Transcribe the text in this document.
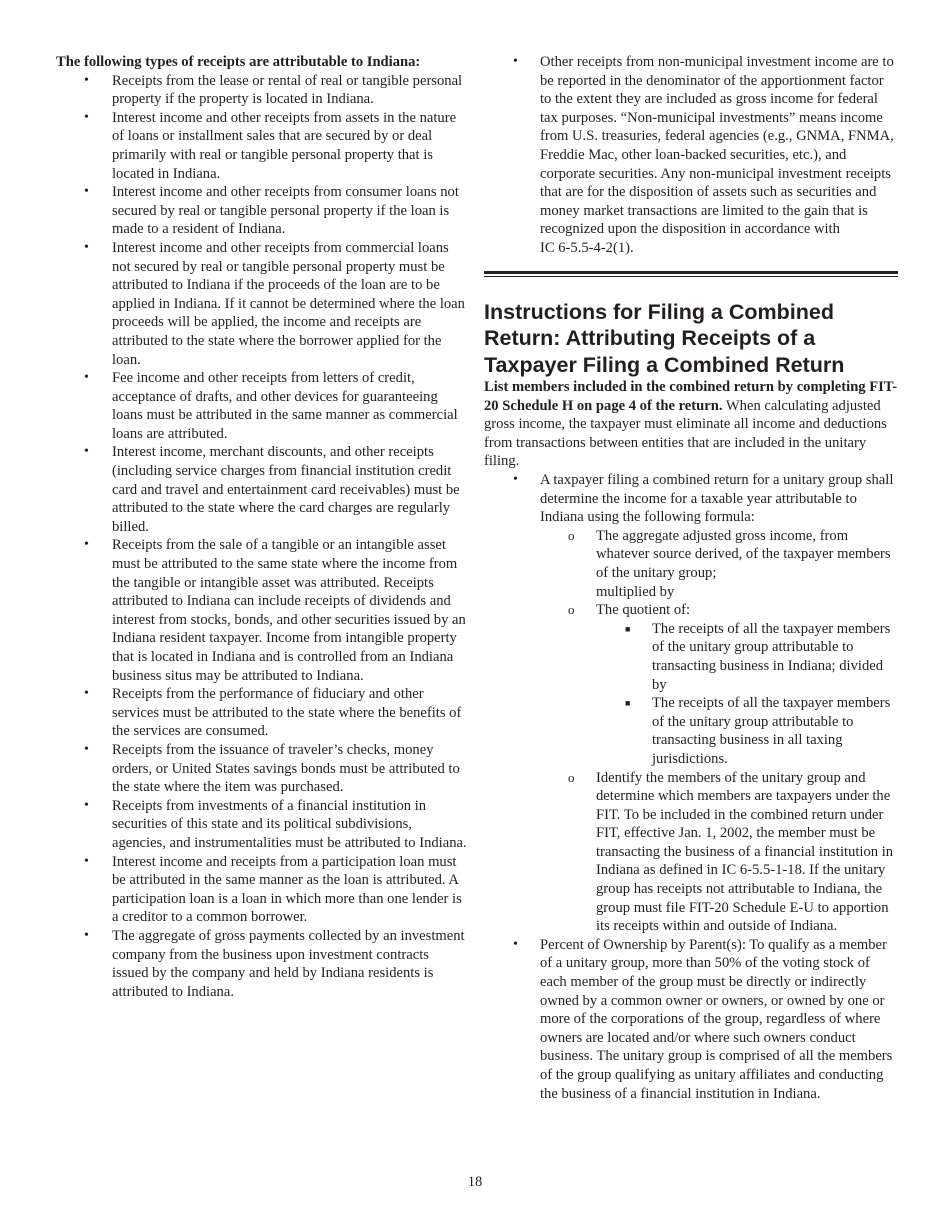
The following types of receipts are attributable to Indiana:

• Receipts from the lease or rental of real or tangible personal property if the property is located in Indiana.
• Interest income and other receipts from assets in the nature of loans or installment sales that are secured by or deal primarily with real or tangible personal property that is located in Indiana.
• Interest income and other receipts from consumer loans not secured by real or tangible personal property if the loan is made to a resident of Indiana.
• Interest income and other receipts from commercial loans not secured by real or tangible personal property must be attributed to Indiana if the proceeds of the loan are to be applied in Indiana. If it cannot be determined where the loan proceeds will be applied, the income and receipts are attributed to the state where the borrower applied for the loan.
• Fee income and other receipts from letters of credit, acceptance of drafts, and other devices for guaranteeing loans must be attributed in the same manner as commercial loans are attributed.
• Interest income, merchant discounts, and other receipts (including service charges from financial institution credit card and travel and entertainment card receivables) must be attributed to the state where the card charges are regularly billed.
• Receipts from the sale of a tangible or an intangible asset must be attributed to the same state where the income from the tangible or intangible asset was attributed. Receipts attributed to Indiana can include receipts of dividends and interest from stocks, bonds, and other securities issued by an Indiana resident taxpayer. Income from intangible property that is located in Indiana and is controlled from an Indiana business situs may be attributed to Indiana.
• Receipts from the performance of fiduciary and other services must be attributed to the state where the benefits of the services are consumed.
• Receipts from the issuance of traveler’s checks, money orders, or United States savings bonds must be attributed to the state where the item was purchased.
• Receipts from investments of a financial institution in securities of this state and its political subdivisions, agencies, and instrumentalities must be attributed to Indiana.
• Interest income and receipts from a participation loan must be attributed in the same manner as the loan is attributed. A participation loan is a loan in which more than one lender is a creditor to a common borrower.
• The aggregate of gross payments collected by an investment company from the business upon investment contracts issued by the company and held by Indiana residents is attributed to Indiana.
• Other receipts from non-municipal investment income are to be reported in the denominator of the apportionment factor to the extent they are included as gross income for federal tax purposes. “Non-municipal investments” means income from U.S. treasuries, federal agencies (e.g., GNMA, FNMA, Freddie Mac, other loan-backed securities, etc.), and corporate securities. Any non-municipal investment receipts that are for the disposition of assets such as securities and money market transactions are limited to the gain that is recognized upon the disposition in accordance with
IC 6-5.5-4-2(1).
Instructions for Filing a Combined Return: Attributing Receipts of a Taxpayer Filing a Combined Return

List members included in the combined return by completing FIT-20 Schedule H on page 4 of the return. When calculating adjusted gross income, the taxpayer must eliminate all income and deductions from transactions between entities that are included in the unitary filing.

• A taxpayer filing a combined return for a unitary group shall determine the income for a taxable year attributable to Indiana using the following formula:
o The aggregate adjusted gross income, from whatever source derived, of the taxpayer members of the unitary group;
multiplied by
o The quotient of:
■ The receipts of all the taxpayer members of the unitary group attributable to transacting business in Indiana; divided by
■ The receipts of all the taxpayer members of the unitary group attributable to transacting business in all taxing jurisdictions.
o Identify the members of the unitary group and determine which members are taxpayers under the FIT. To be included in the combined return under FIT, effective Jan. 1, 2002, the member must be transacting the business of a financial institution in Indiana as defined in IC 6-5.5-1-18. If the unitary group has receipts not attributable to Indiana, the group must file FIT-20 Schedule E-U to apportion its receipts within and outside of Indiana.
• Percent of Ownership by Parent(s): To qualify as a member of a unitary group, more than 50% of the voting stock of each member of the group must be directly or indirectly owned by a common owner or owners, or owned by one or more of the corporations of the group, regardless of where owners are located and/or where such owners conduct business. The unitary group is comprised of all the members of the group qualifying as unitary affiliates and conducting the business of a financial institution in Indiana.
18
